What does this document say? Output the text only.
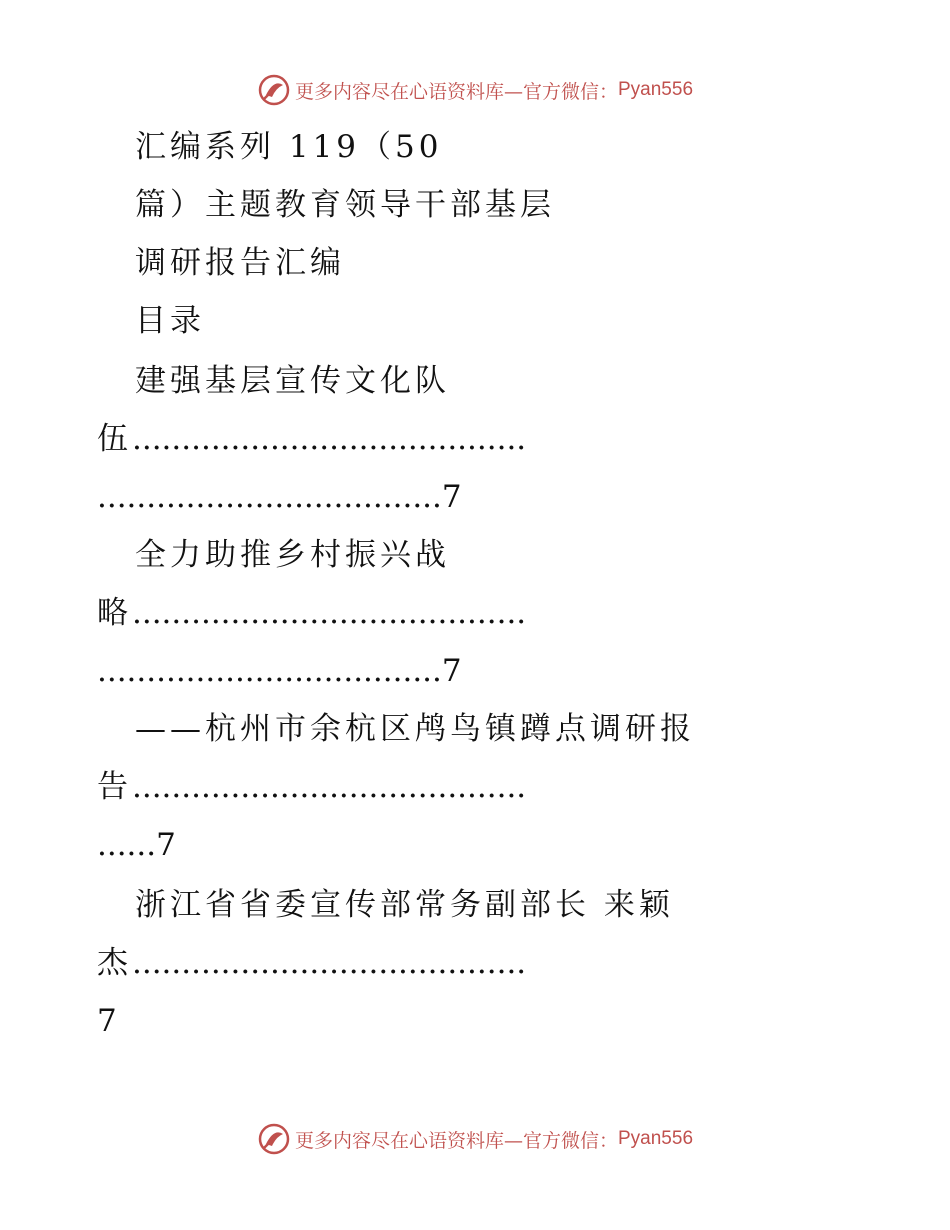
更多内容尽在心语资料库—官方微信： Pyan556
汇编系列 119（50
篇）主题教育领导干部基层
调研报告汇编
目录
建强基层宣传文化队
伍........................................
...................................7
全力助推乡村振兴战
略........................................
...................................7
——杭州市余杭区鸬鸟镇蹲点调研报
告........................................
......7
浙江省省委宣传部常务副部长 来颖
杰........................................
7
更多内容尽在心语资料库—官方微信： Pyan556
